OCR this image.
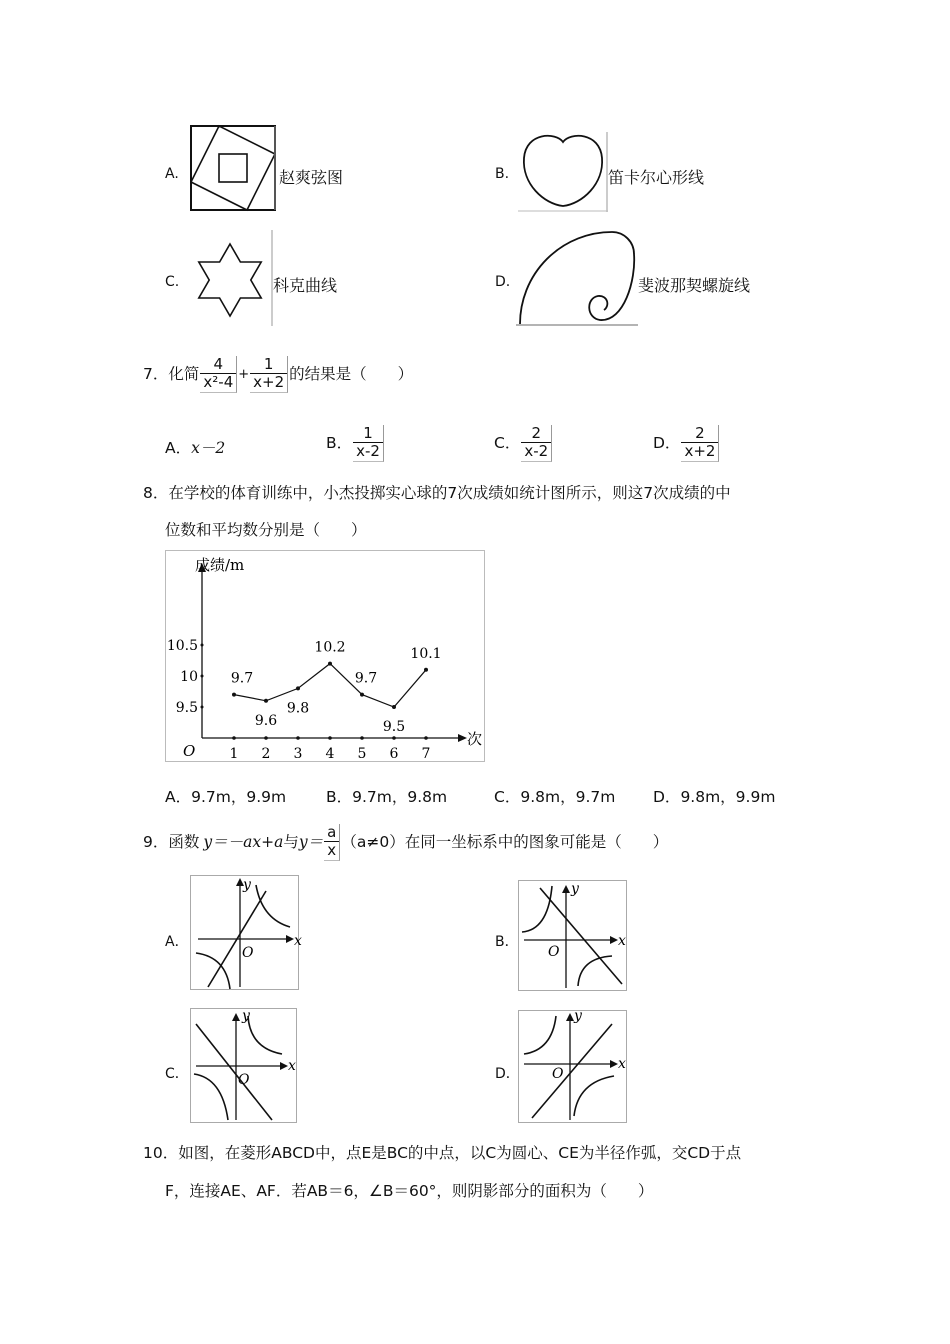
A.	赵爽弦图	B.	笛卡尔心形线
C.	科克曲线	D.	斐波那契螺旋线
7． 化简 $\frac{4}{\text{x²-4}} + \frac{1}{x+2}$ 的结果是（　　）
A．x－2	B． $\frac{1}{x-2}$	C． $\frac{2}{x-2}$	D． $\frac{2}{x+2}$
8．在学校的体育训练中，小杰投掷实心球的7次成绩如统计图所示，则这7次成绩的中
位数和平均数分别是（　　）
成绩/m
次
O
9.5
10
10.5
1 2 3 4 5 6 7
9.7
9.6
9.8
10.2
9.7
9.5
10.1
A．9.7m，9.9m	B．9.7m，9.8m	C．9.8m，9.7m D．9.8m，9.9m
9． 函数 y＝－ax+a 与 $y= \frac{a}{x} (a\ne 0)$在同一坐标系中的图象可能是（　　）
A．	x
y
O
B．	x
y
O
C．	x
y
O	D．
x
y
O
10．如图，在菱形ABCD中，点E是BC的中点，以C为圆心、CE为半径作弧，交CD于点
F，连接AE、AF．若AB＝6，∠B＝60°，则阴影部分的面积为（　　）
